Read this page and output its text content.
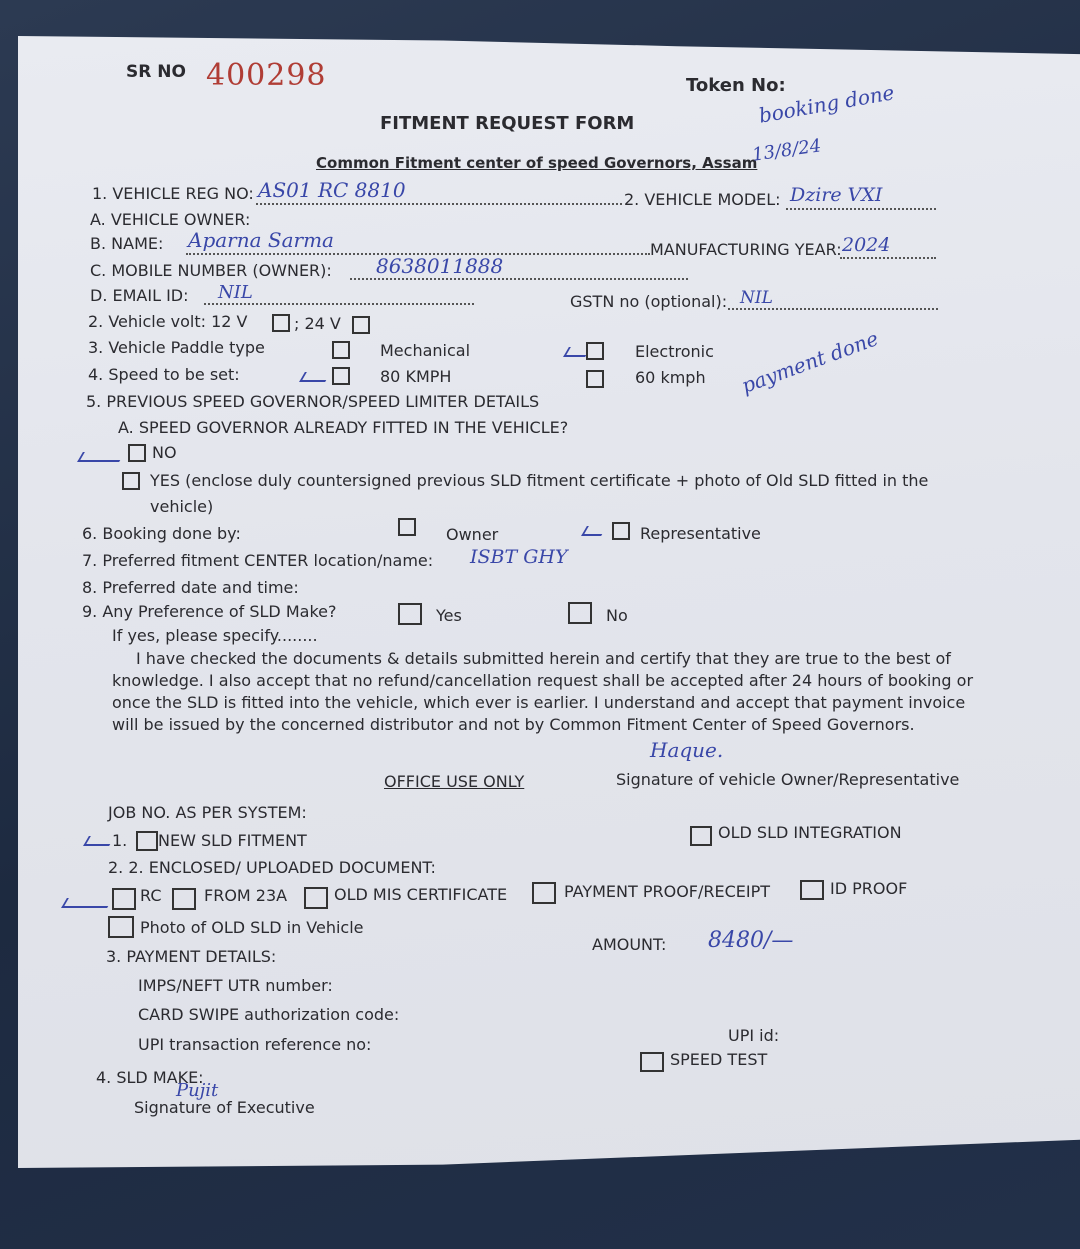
SR NO 400298	Token No:
FITMENT REQUEST FORM
Common Fitment center of speed Governors, Assam
booking done
13/8/24
1. VEHICLE REG NO: AS01 RC 8810	2. VEHICLE MODEL: Dzire VXI
A. VEHICLE OWNER:
B. NAME: Aparna Sarma	MANUFACTURING YEAR: 2024
C. MOBILE NUMBER (OWNER): 8638011888
D. EMAIL ID: NIL	GSTN no (optional): NIL
2. Vehicle volt: 12 V	; 24 V
3. Vehicle Paddle type	Mechanical	Electronic
4. Speed to be set:	80 KMPH	60 kmph payment done
5. PREVIOUS SPEED GOVERNOR/SPEED LIMITER DETAILS
A. SPEED GOVERNOR ALREADY FITTED IN THE VEHICLE?
NO
YES (enclose duly countersigned previous SLD fitment certificate + photo of Old SLD fitted in the
vehicle)
6. Booking done by:	Owner	Representative
7. Preferred fitment CENTER location/name: ISBT GHY
8. Preferred date and time:
9. Any Preference of SLD Make?	Yes	No
If yes, please specify........
I have checked the documents & details submitted herein and certify that they are true to the best of knowledge. I also accept that no refund/cancellation request shall be accepted after 24 hours of booking or once the SLD is fitted into the vehicle, which ever is earlier. I understand and accept that payment invoice will be issued by the concerned distributor and not by Common Fitment Center of Speed Governors.
Haque.
OFFICE USE ONLY	Signature of vehicle Owner/Representative
JOB NO. AS PER SYSTEM:
1. NEW SLD FITMENT	OLD SLD INTEGRATION
2. 2. ENCLOSED/ UPLOADED DOCUMENT:
RC	FROM 23A	OLD MIS CERTIFICATE	PAYMENT PROOF/RECEIPT	ID PROOF
Photo of OLD SLD in Vehicle
AMOUNT: 8480/—
3. PAYMENT DETAILS:
IMPS/NEFT UTR number:
CARD SWIPE authorization code:
UPI id:
UPI transaction reference no:
SPEED TEST
4. SLD MAKE:
Pujit
Signature of Executive
